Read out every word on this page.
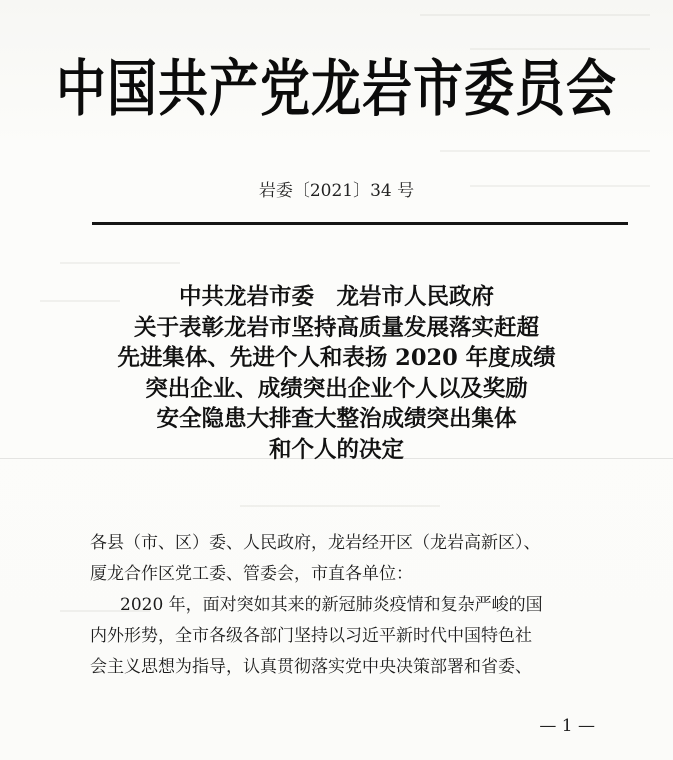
中国共产党龙岩市委员会
岩委〔2021〕34 号
中共龙岩市委　龙岩市人民政府
关于表彰龙岩市坚持高质量发展落实赶超
先进集体、先进个人和表扬 2020 年度成绩
突出企业、成绩突出企业个人以及奖励
安全隐患大排查大整治成绩突出集体
和个人的决定

各县（市、区）委、人民政府，龙岩经开区（龙岩高新区）、

厦龙合作区党工委、管委会，市直各单位：

2020 年，面对突如其来的新冠肺炎疫情和复杂严峻的国

内外形势，全市各级各部门坚持以习近平新时代中国特色社

会主义思想为指导，认真贯彻落实党中央决策部署和省委、

— 1 —
